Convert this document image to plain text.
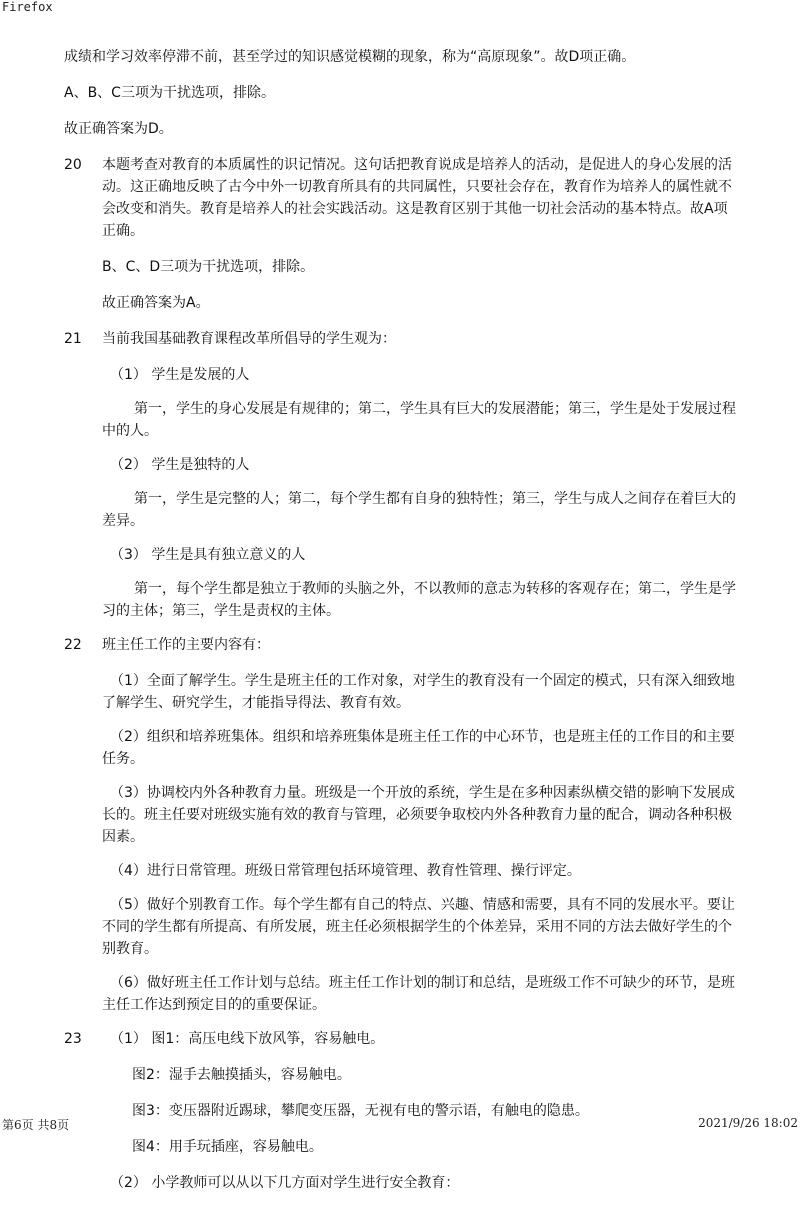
Firefox

成绩和学习效率停滞不前，甚至学过的知识感觉模糊的现象，称为“高原现象”。故D项正确。

A、B、C三项为干扰选项，排除。

故正确答案为D。

20 本题考查对教育的本质属性的识记情况。这句话把教育说成是培养人的活动，是促进人的身心发展的活动。这正确地反映了古今中外一切教育所具有的共同属性，只要社会存在，教育作为培养人的属性就不会改变和消失。教育是培养人的社会实践活动。这是教育区别于其他一切社会活动的基本特点。故A项正确。

B、C、D三项为干扰选项，排除。

故正确答案为A。

21 当前我国基础教育课程改革所倡导的学生观为：

（1） 学生是发展的人

第一，学生的身心发展是有规律的；第二，学生具有巨大的发展潜能；第三，学生是处于发展过程中的人。

（2） 学生是独特的人

第一，学生是完整的人；第二，每个学生都有自身的独特性；第三，学生与成人之间存在着巨大的差异。

（3） 学生是具有独立意义的人

第一，每个学生都是独立于教师的头脑之外，不以教师的意志为转移的客观存在；第二，学生是学习的主体；第三，学生是责权的主体。

22 班主任工作的主要内容有：

（1）全面了解学生。学生是班主任的工作对象，对学生的教育没有一个固定的模式，只有深入细致地了解学生、研究学生，才能指导得法、教育有效。

（2）组织和培养班集体。组织和培养班集体是班主任工作的中心环节，也是班主任的工作目的和主要任务。

（3）协调校内外各种教育力量。班级是一个开放的系统，学生是在多种因素纵横交错的影响下发展成长的。班主任要对班级实施有效的教育与管理，必须要争取校内外各种教育力量的配合，调动各种积极因素。

（4）进行日常管理。班级日常管理包括环境管理、教育性管理、操行评定。

（5）做好个别教育工作。每个学生都有自己的特点、兴趣、情感和需要，具有不同的发展水平。要让不同的学生都有所提高、有所发展，班主任必须根据学生的个体差异，采用不同的方法去做好学生的个别教育。

（6）做好班主任工作计划与总结。班主任工作计划的制订和总结，是班级工作不可缺少的环节，是班主任工作达到预定目的的重要保证。

23 （1） 图1：高压电线下放风筝，容易触电。

图2：湿手去触摸插头，容易触电。

图3：变压器附近踢球，攀爬变压器，无视有电的警示语，有触电的隐患。

图4：用手玩插座，容易触电。

（2） 小学教师可以从以下几方面对学生进行安全教育：

第6页 共8页	2021/9/26 18:02
